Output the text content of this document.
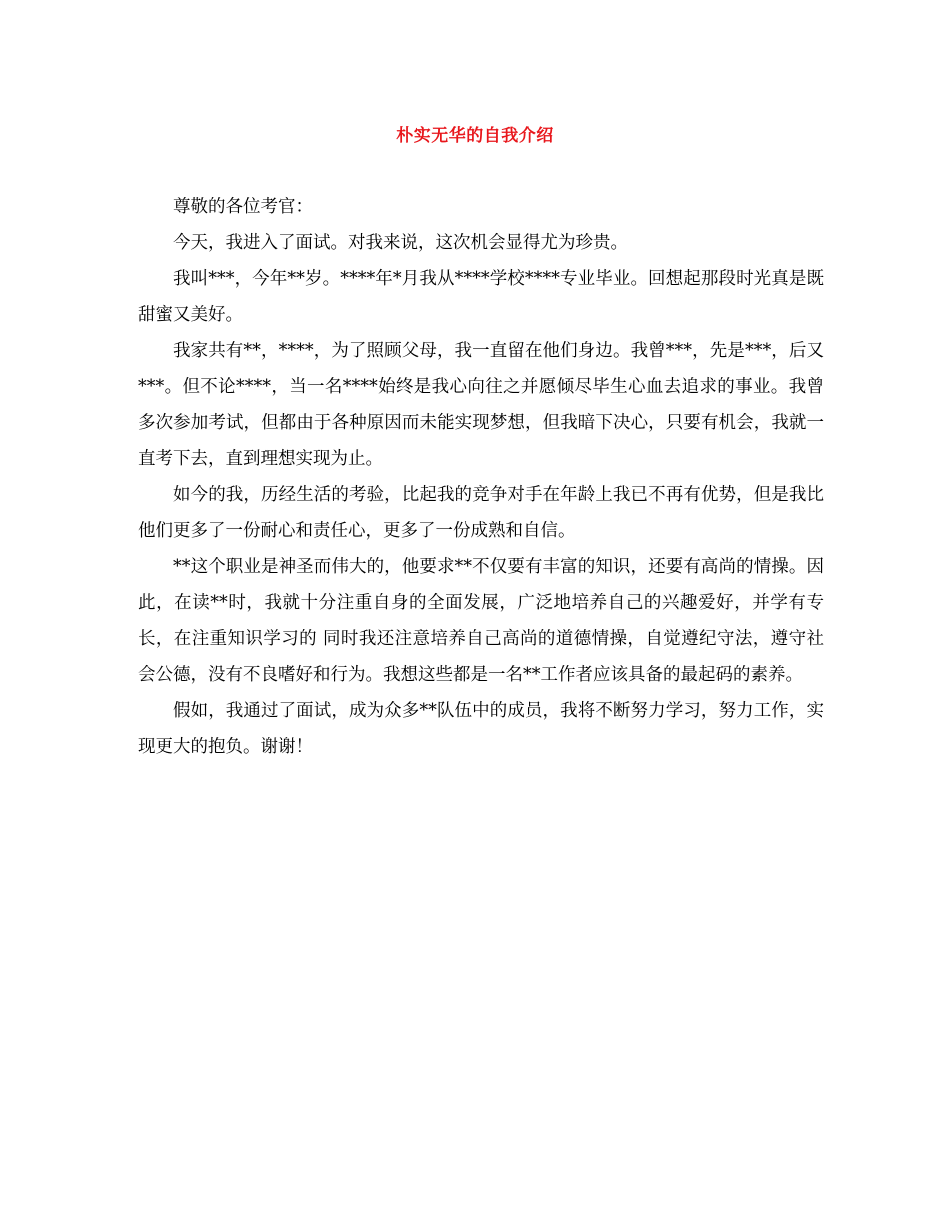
朴实无华的自我介绍

尊敬的各位考官：

今天，我进入了面试。对我来说，这次机会显得尤为珍贵。

我叫***，今年**岁。****年*月我从****学校****专业毕业。回想起那段时光真是既甜蜜又美好。

我家共有**，****，为了照顾父母，我一直留在他们身边。我曾***，先是***，后又***。但不论****，当一名****始终是我心向往之并愿倾尽毕生心血去追求的事业。我曾多次参加考试，但都由于各种原因而未能实现梦想，但我暗下决心，只要有机会，我就一直考下去，直到理想实现为止。

如今的我，历经生活的考验，比起我的竞争对手在年龄上我已不再有优势，但是我比他们更多了一份耐心和责任心，更多了一份成熟和自信。

**这个职业是神圣而伟大的，他要求**不仅要有丰富的知识，还要有高尚的情操。因此，在读**时，我就十分注重自身的全面发展，广泛地培养自己的兴趣爱好，并学有专长，在注重知识学习的 同时我还注意培养自己高尚的道德情操，自觉遵纪守法，遵守社会公德，没有不良嗜好和行为。我想这些都是一名**工作者应该具备的最起码的素养。

假如，我通过了面试，成为众多**队伍中的成员，我将不断努力学习，努力工作，实现更大的抱负。谢谢！
